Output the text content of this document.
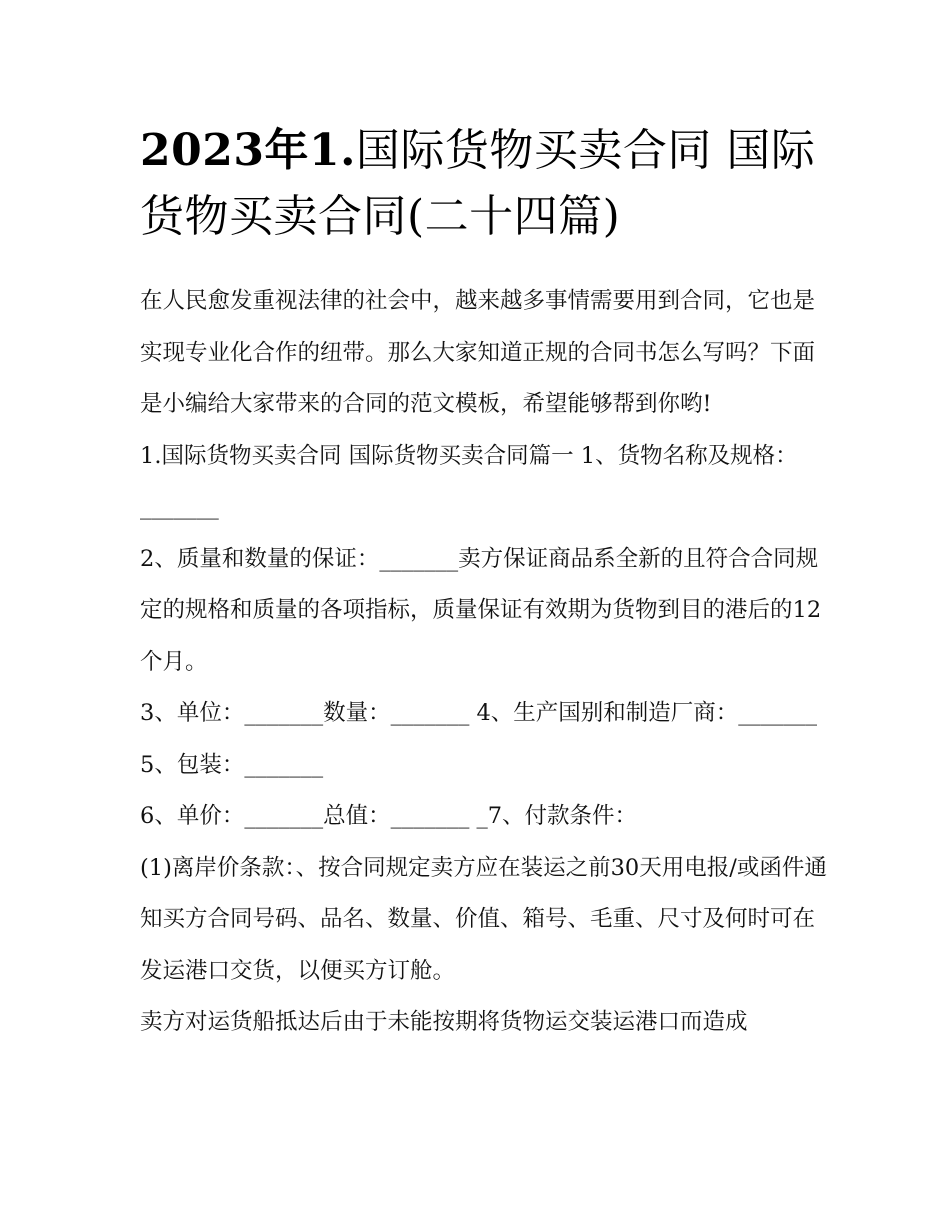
2023年1.国际货物买卖合同 国际货物买卖合同(二十四篇)

在人民愈发重视法律的社会中，越来越多事情需要用到合同，它也是实现专业化合作的纽带。那么大家知道正规的合同书怎么写吗？下面是小编给大家带来的合同的范文模板，希望能够帮到你哟!

1.国际货物买卖合同 国际货物买卖合同篇一 1、货物名称及规格：_______

2、质量和数量的保证：_______卖方保证商品系全新的且符合合同规定的规格和质量的各项指标，质量保证有效期为货物到目的港后的12个月。

3、单位：_______数量：_______ 4、生产国别和制造厂商：_______ 5、包装：_______

6、单价：_______总值：_______ _7、付款条件：

(1)离岸价条款：、按合同规定卖方应在装运之前30天用电报/或函件通知买方合同号码、品名、数量、价值、箱号、毛重、尺寸及何时可在发运港口交货，以便买方订舱。

卖方对运货船抵达后由于未能按期将货物运交装运港口而造成
